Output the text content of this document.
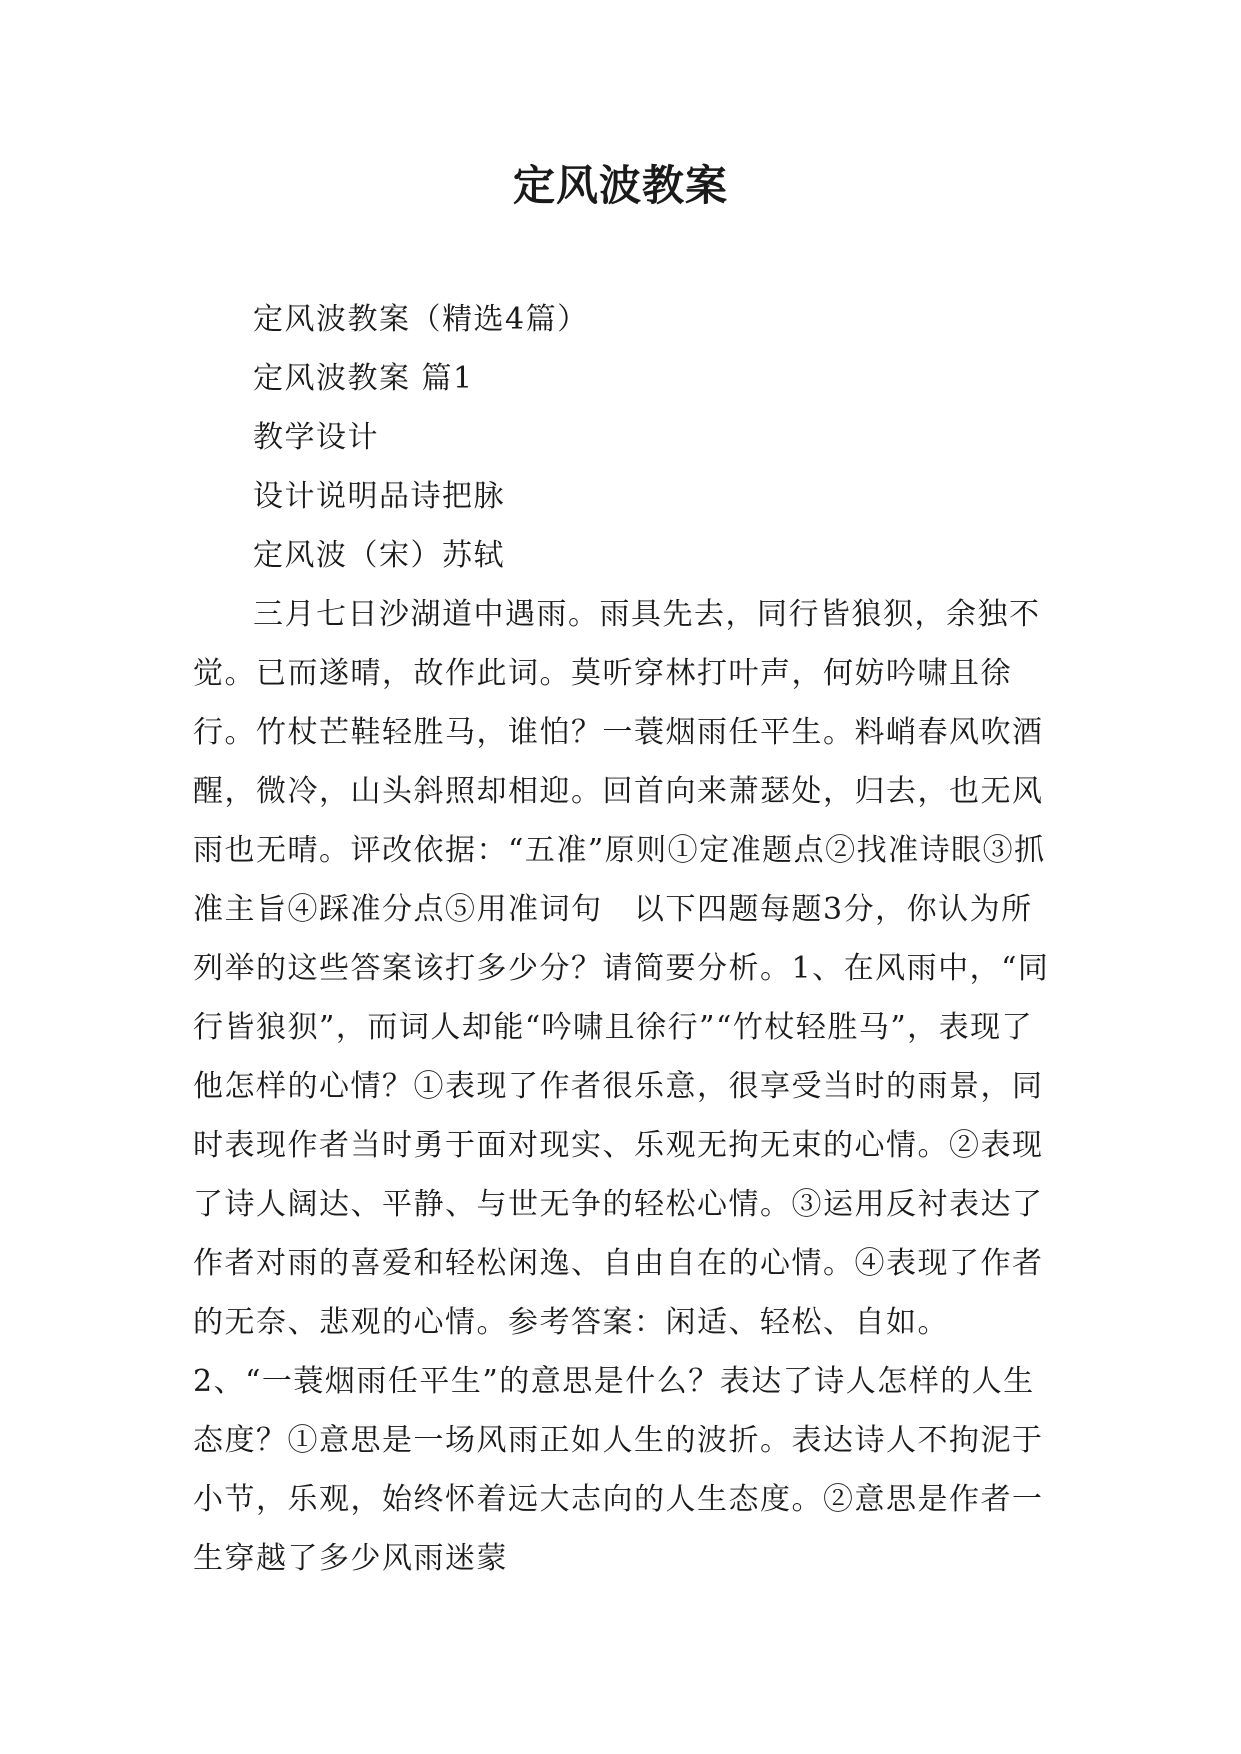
定风波教案

定风波教案（精选4篇）

定风波教案 篇1

教学设计

设计说明品诗把脉

定风波（宋）苏轼

三月七日沙湖道中遇雨。雨具先去，同行皆狼狈，余独不觉。已而遂晴，故作此词。莫听穿林打叶声，何妨吟啸且徐行。竹杖芒鞋轻胜马，谁怕？一蓑烟雨任平生。料峭春风吹酒醒，微冷，山头斜照却相迎。回首向来萧瑟处，归去，也无风雨也无晴。评改依据：“五准”原则①定准题点②找准诗眼③抓准主旨④踩准分点⑤用准词句　以下四题每题3分，你认为所列举的这些答案该打多少分？请简要分析。1、在风雨中，“同行皆狼狈”，而词人却能“吟啸且徐行”“竹杖轻胜马”，表现了他怎样的心情？①表现了作者很乐意，很享受当时的雨景，同时表现作者当时勇于面对现实、乐观无拘无束的心情。②表现了诗人阔达、平静、与世无争的轻松心情。③运用反衬表达了作者对雨的喜爱和轻松闲逸、自由自在的心情。④表现了作者的无奈、悲观的心情。参考答案：闲适、轻松、自如。　2、“一蓑烟雨任平生”的意思是什么？表达了诗人怎样的人生态度？①意思是一场风雨正如人生的波折。表达诗人不拘泥于小节，乐观，始终怀着远大志向的人生态度。②意思是作者一生穿越了多少风雨迷蒙
